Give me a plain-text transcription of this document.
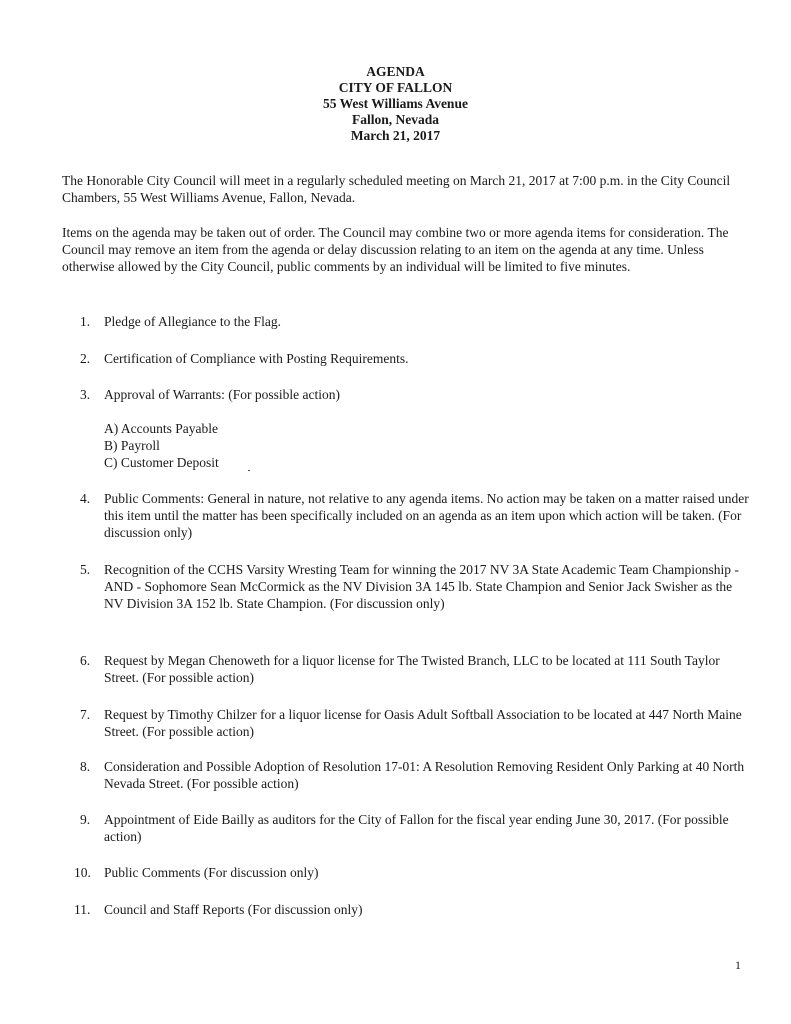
AGENDA
CITY OF FALLON
55 West Williams Avenue
Fallon, Nevada
March 21, 2017
The Honorable City Council will meet in a regularly scheduled meeting on March 21, 2017 at 7:00 p.m. in the City Council Chambers, 55 West Williams Avenue, Fallon, Nevada.
Items on the agenda may be taken out of order. The Council may combine two or more agenda items for consideration. The Council may remove an item from the agenda or delay discussion relating to an item on the agenda at any time. Unless otherwise allowed by the City Council, public comments by an individual will be limited to five minutes.
1.	Pledge of Allegiance to the Flag.
2.	Certification of Compliance with Posting Requirements.
3.	Approval of Warrants: (For possible action)
A) Accounts Payable
B) Payroll
C) Customer Deposit
4.	Public Comments: General in nature, not relative to any agenda items. No action may be taken on a matter raised under this item until the matter has been specifically included on an agenda as an item upon which action will be taken. (For discussion only)
5.	Recognition of the CCHS Varsity Wresting Team for winning the 2017 NV 3A State Academic Team Championship - AND - Sophomore Sean McCormick as the NV Division 3A 145 lb. State Champion and Senior Jack Swisher as the NV Division 3A 152 lb. State Champion. (For discussion only)
6.	Request by Megan Chenoweth for a liquor license for The Twisted Branch, LLC to be located at 111 South Taylor Street. (For possible action)
7.	Request by Timothy Chilzer for a liquor license for Oasis Adult Softball Association to be located at 447 North Maine Street. (For possible action)
8.	Consideration and Possible Adoption of Resolution 17-01: A Resolution Removing Resident Only Parking at 40 North Nevada Street. (For possible action)
9.	Appointment of Eide Bailly as auditors for the City of Fallon for the fiscal year ending June 30, 2017. (For possible action)
10. Public Comments (For discussion only)
11.	Council and Staff Reports (For discussion only)
1
